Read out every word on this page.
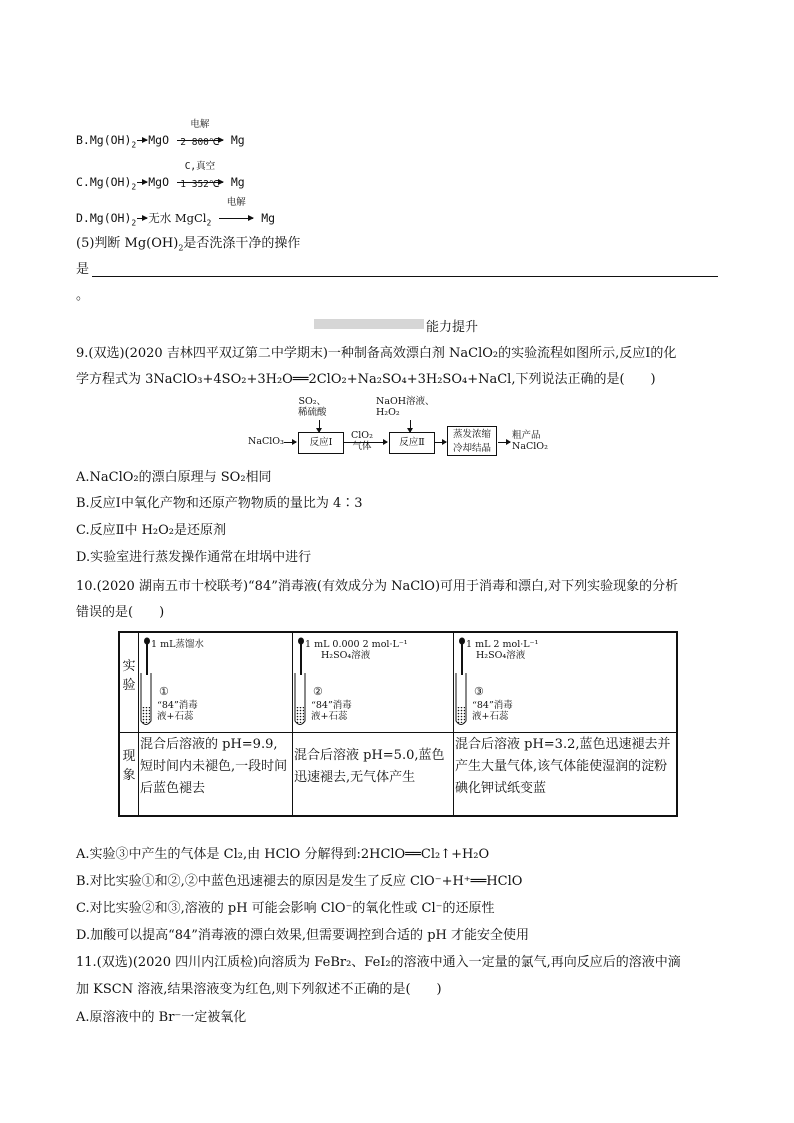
$B.Mg(OH)_2$ MgO
电解
2 800℃ Mg
$C.Mg(OH)_2$ MgO
C,真空
1 352℃ Mg
$D.Mg(OH)_2$ 无水 MgCl$_2$
电解
Mg
(5)判断 $Mg(OH)_2$是否洗涤干净的操作
是
。
能力提升
9.(双选)(2020 吉林四平双辽第二中学期末)一种制备高效漂白剂 NaClO₂的实验流程如图所示,反应Ⅰ的化
学方程式为 3NaClO₃+4SO₂+3H₂O══2ClO₂+Na₂SO₄+3H₂SO₄+NaCl,下列说法正确的是(　　)
NaClO₃
SO₂、
稀硫酸
反应Ⅰ
ClO₂
气体
NaOH溶液、
H₂O₂
反应Ⅱ
蒸发浓缩
冷却结晶
粗产品
NaClO₂
A.NaClO₂的漂白原理与 SO₂相同
B.反应Ⅰ中氧化产物和还原产物物质的量比为 4∶3
C.反应Ⅱ中 H₂O₂是还原剂
D.实验室进行蒸发操作通常在坩埚中进行
10.(2020 湖南五市十校联考)“84”消毒液(有效成分为 NaClO)可用于消毒和漂白,对下列实验现象的分析
错误的是(　　)
实
验
现
象
1 mL蒸馏水
①
“84”消毒
液+石蕊
1 mL 0.000 2 mol·L⁻¹
H₂SO₄溶液
②
“84”消毒
液+石蕊
1 mL 2 mol·L⁻¹
H₂SO₄溶液
③
“84”消毒
液+石蕊
混合后溶液的 pH=9.9,短时间内未褪色,一段时间后蓝色褪去
混合后溶液 pH=5.0,蓝色迅速褪去,无气体产生
混合后溶液 pH=3.2,蓝色迅速褪去并产生大量气体,该气体能使湿润的淀粉碘化钾试纸变蓝
A.实验③中产生的气体是 Cl₂,由 HClO 分解得到:2HClO══Cl₂↑+H₂O
B.对比实验①和②,②中蓝色迅速褪去的原因是发生了反应 ClO⁻+H⁺══HClO
C.对比实验②和③,溶液的 pH 可能会影响 ClO⁻的氧化性或 Cl⁻的还原性
D.加酸可以提高“84”消毒液的漂白效果,但需要调控到合适的 pH 才能安全使用
11.(双选)(2020 四川内江质检)向溶质为 FeBr₂、FeI₂的溶液中通入一定量的氯气,再向反应后的溶液中滴
加 KSCN 溶液,结果溶液变为红色,则下列叙述不正确的是(　　)
A.原溶液中的 Br⁻一定被氧化
